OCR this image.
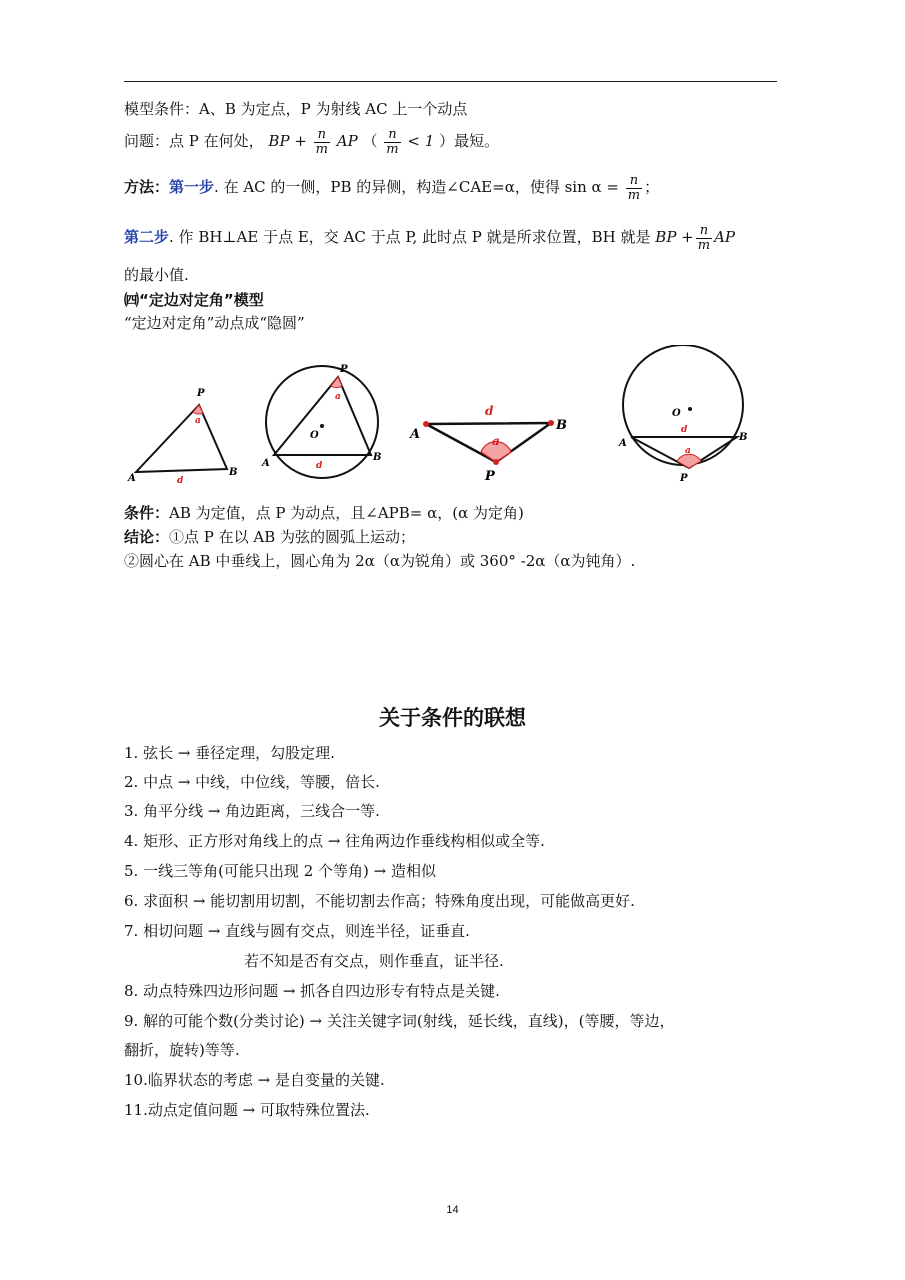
模型条件：A、B 为定点，P 为射线 AC 上一个动点
问题：点 P 在何处， BP + $\frac{n}{m}$ AP （ $\frac{n}{m} < 1$ ）最短。
方法：第一步. 在 AC 的一侧，PB 的异侧，构造∠CAE=α，使得 $\sin \alpha = \frac{n}{m}$ ；
第二步. 作 BH⊥AE 于点 E，交 AC 于点 P, 此时点 P 就是所求位置，BH 就是 BP + $\frac{n}{m}$ AP
的最小值.
㈣“定边对定角”模型
“定边对定角”动点成“隐圆”
P
a
A
B
d
P
a
O
A
B
d
A
B
P
d
a
O
A
B
d
a
P
条件：AB 为定值，点 P 为动点，且∠APB= α，(α 为定角)
结论：①点 P 在以 AB 为弦的圆弧上运动；
②圆心在 AB 中垂线上，圆心角为 2α（α为锐角）或 360° -2α（α为钝角）.
关于条件的联想
1. 弦长 → 垂径定理，勾股定理.
2. 中点 → 中线，中位线，等腰，倍长.
3. 角平分线 → 角边距离，三线合一等.
4. 矩形、正方形对角线上的点 → 往角两边作垂线构相似或全等.
5. 一线三等角(可能只出现 2 个等角) → 造相似
6. 求面积 → 能切割用切割，不能切割去作高；特殊角度出现，可能做高更好.
7. 相切问题 → 直线与圆有交点，则连半径，证垂直.
若不知是否有交点，则作垂直，证半径.
8. 动点特殊四边形问题 → 抓各自四边形专有特点是关键.
9. 解的可能个数(分类讨论) → 关注关键字词(射线，延长线，直线)，(等腰，等边，
翻折，旋转)等等.
10.临界状态的考虑 → 是自变量的关键.
11.动点定值问题 → 可取特殊位置法.
14
